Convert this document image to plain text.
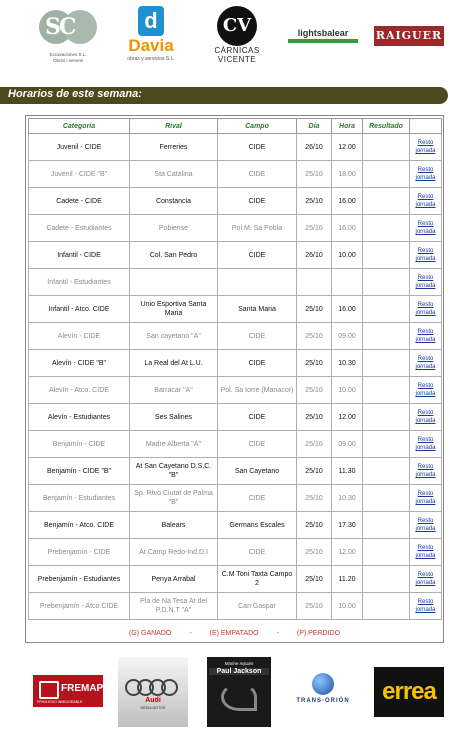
SC
Excavaciones S.L.
Obres i serveis
d
Davia
obras y servicios S.L.
CV
CÀRNICAS
VICENTE
lightsbalear	RAIGUER
Horarios de este semana:
Categoría	Rival	Campo	Día	Hora	Resultado	
Juvenil - CIDE	Ferreries	CIDE	26/10	12.00		Resto
jornada

Juvenil - CIDE "B"	Sta Catalina	CIDE	25/10	18.00		Resto
jornada

Cadete - CIDE	Constancia	CIDE	25/10	16.00		Resto
jornada

Cadete - Estudiantes	Pobiense	Pol.M. Sa Pobla	25/10	16.00		Resto
jornada

Infantil - CIDE	Col. San Pedro	CIDE	26/10	10.00		Resto
jornada

Infantil - Estudiantes						Resto
jornada

Infantil - Atco. CIDE	Unio Esportiva Santa Maria	Santa Maria	25/10	16.00		Resto
jornada

Alevín - CIDE	San cayetano "A"	CIDE	25/10	09.00		Resto
jornada

Alevín - CIDE "B"	La Real del At L.U.	CIDE	25/10	10.30		Resto
jornada

Alevín - Atco. CIDE	Barracar "A"	Pol. Sa torre (Manacor)	25/10	10.00		Resto
jornada

Alevín - Estudiantes	Ses Salines	CIDE	25/10	12.00		Resto
jornada

Benjamín - CIDE	Madre Alberta "A"	CIDE	25/10	09.00		Resto
jornada

Benjamín - CIDE "B"	At San Cayetano D.S.C. "B"	San Cayetano	25/10	11.30		Resto
jornada

Benjamín - Estudiantes	Sp. Rtvo Ciutat de Palma "B"	CIDE	25/10	10.30		Resto
jornada

Benjamín - Atco. CIDE	Balears	Germans Escales	25/10	17.30		Resto
jornada

Prebenjamín - CIDE	At Camp Redo-Ind.D.I	CIDE	25/10	12.00		Resto
jornada

Prebenjamín - Estudiantes	Penya Arrabal	C.M Toni Taxta Campo 2	25/10	11.20		Resto
jornada

Prebenjamín - Atco.CIDE	Pla de Na Tesa At del P.D.N.T "A"	Can Gaspar	25/10	10.00		Resto
jornada
(G) GANADO	-	(E) EMPATADO	-	(P) PERDIDO
FREMAP
PRIVILEGIO INMEJORABLE	Audi
MEDIA MOTOR
Marine repairs
Paul Jackson
TRANS-ORIÓN	errea
